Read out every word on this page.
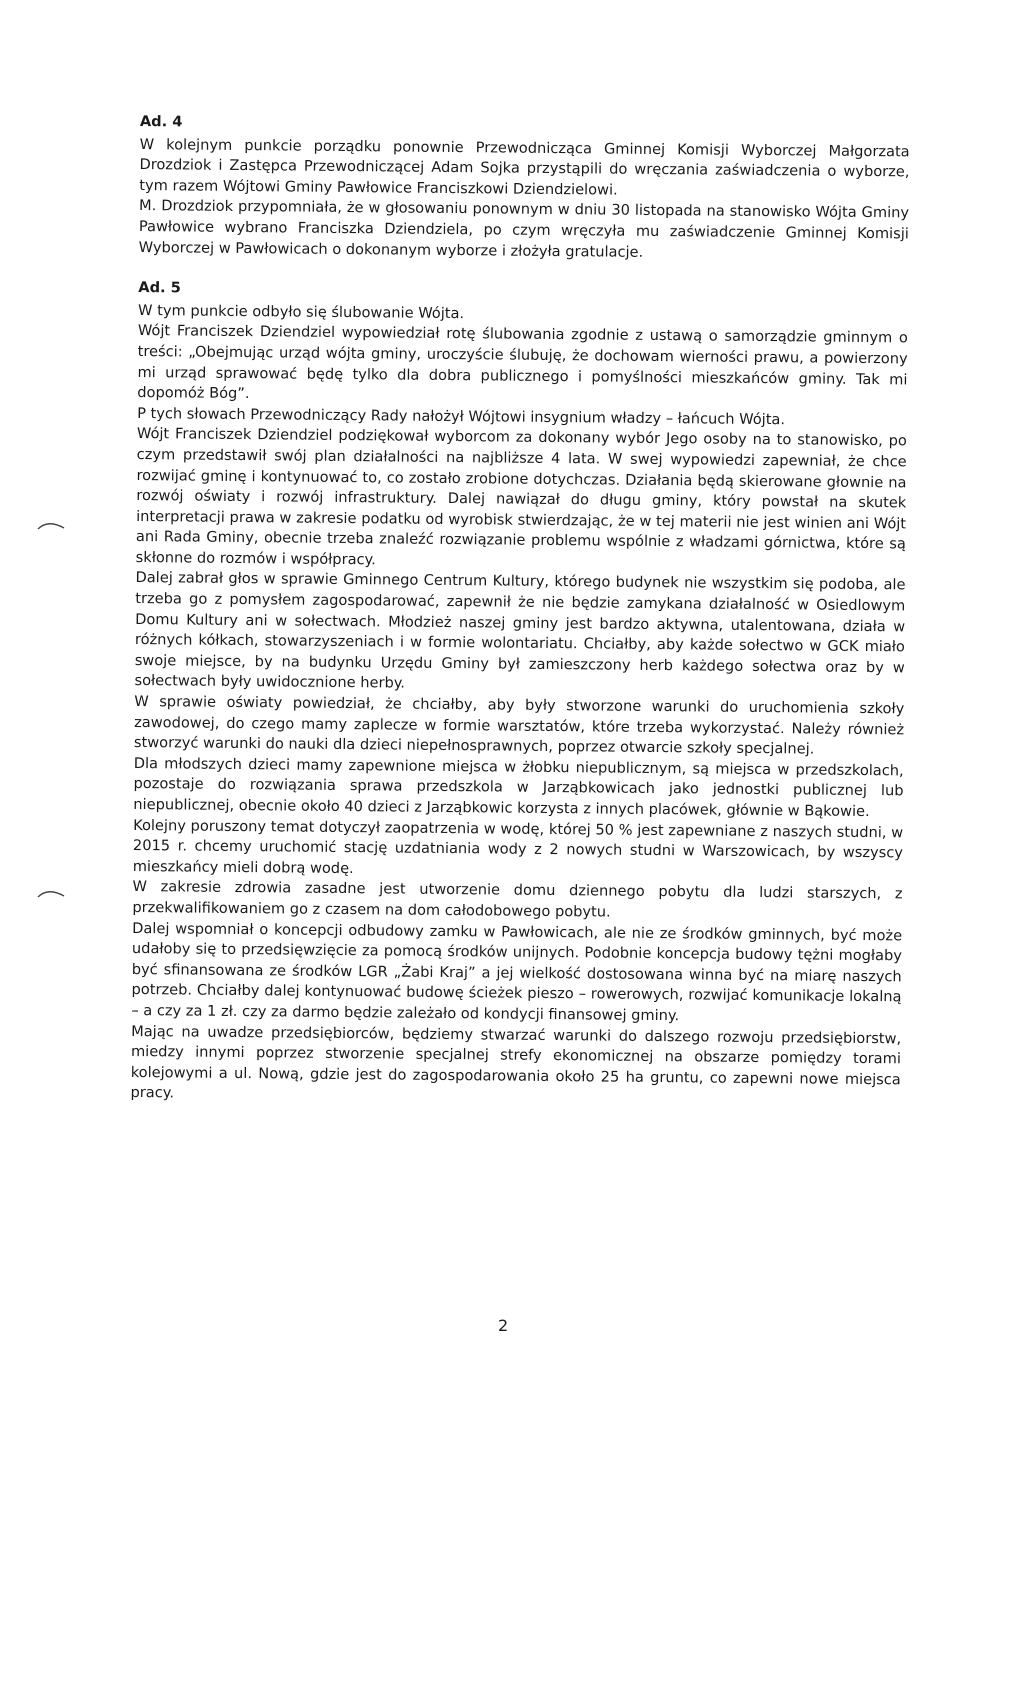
Ad. 4

W kolejnym punkcie porządku ponownie Przewodnicząca Gminnej Komisji Wyborczej Małgorzata Drozdziok i Zastępca Przewodniczącej Adam Sojka przystąpili do wręczania zaświadczenia o wyborze, tym razem Wójtowi Gminy Pawłowice Franciszkowi Dziendzielowi.

M. Drozdziok przypomniała, że w głosowaniu ponownym w dniu 30 listopada na stanowisko Wójta Gminy Pawłowice wybrano Franciszka Dziendziela, po czym wręczyła mu zaświadczenie Gminnej Komisji Wyborczej w Pawłowicach o dokonanym wyborze i złożyła gratulacje.

Ad. 5

W tym punkcie odbyło się ślubowanie Wójta.

Wójt Franciszek Dziendziel wypowiedział rotę ślubowania zgodnie z ustawą o samorządzie gminnym o treści: „Obejmując urząd wójta gminy, uroczyście ślubuję, że dochowam wierności prawu, a powierzony mi urząd sprawować będę tylko dla dobra publicznego i pomyślności mieszkańców gminy. Tak mi dopomóż Bóg”.

P tych słowach Przewodniczący Rady nałożył Wójtowi insygnium władzy – łańcuch Wójta.

Wójt Franciszek Dziendziel podziękował wyborcom za dokonany wybór Jego osoby na to stanowisko, po czym przedstawił swój plan działalności na najbliższe 4 lata. W swej wypowiedzi zapewniał, że chce rozwijać gminę i kontynuować to, co zostało zrobione dotychczas. Działania będą skierowane głownie na rozwój oświaty i rozwój infrastruktury. Dalej nawiązał do długu gminy, który powstał na skutek interpretacji prawa w zakresie podatku od wyrobisk stwierdzając, że w tej materii nie jest winien ani Wójt ani Rada Gminy, obecnie trzeba znaleźć rozwiązanie problemu wspólnie z władzami górnictwa, które są skłonne do rozmów i współpracy.

Dalej zabrał głos w sprawie Gminnego Centrum Kultury, którego budynek nie wszystkim się podoba, ale trzeba go z pomysłem zagospodarować, zapewnił że nie będzie zamykana działalność w Osiedlowym Domu Kultury ani w sołectwach. Młodzież naszej gminy jest bardzo aktywna, utalentowana, działa w różnych kółkach, stowarzyszeniach i w formie wolontariatu. Chciałby, aby każde sołectwo w GCK miało swoje miejsce, by na budynku Urzędu Gminy był zamieszczony herb każdego sołectwa oraz by w sołectwach były uwidocznione herby.

W sprawie oświaty powiedział, że chciałby, aby były stworzone warunki do uruchomienia szkoły zawodowej, do czego mamy zaplecze w formie warsztatów, które trzeba wykorzystać. Należy również stworzyć warunki do nauki dla dzieci niepełnosprawnych, poprzez otwarcie szkoły specjalnej.

Dla młodszych dzieci mamy zapewnione miejsca w żłobku niepublicznym, są miejsca w przedszkolach, pozostaje do rozwiązania sprawa przedszkola w Jarząbkowicach jako jednostki publicznej lub niepublicznej, obecnie około 40 dzieci z Jarząbkowic korzysta z innych placówek, głównie w Bąkowie.

Kolejny poruszony temat dotyczył zaopatrzenia w wodę, której 50 % jest zapewniane z naszych studni, w 2015 r. chcemy uruchomić stację uzdatniania wody z 2 nowych studni w Warszowicach, by wszyscy mieszkańcy mieli dobrą wodę.

W zakresie zdrowia zasadne jest utworzenie domu dziennego pobytu dla ludzi starszych, z przekwalifikowaniem go z czasem na dom całodobowego pobytu.

Dalej wspomniał o koncepcji odbudowy zamku w Pawłowicach, ale nie ze środków gminnych, być może udałoby się to przedsięwzięcie za pomocą środków unijnych. Podobnie koncepcja budowy tężni mogłaby być sfinansowana ze środków LGR „Żabi Kraj” a jej wielkość dostosowana winna być na miarę naszych potrzeb. Chciałby dalej kontynuować budowę ścieżek pieszo – rowerowych, rozwijać komunikacje lokalną – a czy za 1 zł. czy za darmo będzie zależało od kondycji finansowej gminy.

Mając na uwadze przedsiębiorców, będziemy stwarzać warunki do dalszego rozwoju przedsiębiorstw, miedzy innymi poprzez stworzenie specjalnej strefy ekonomicznej na obszarze pomiędzy torami kolejowymi a ul. Nową, gdzie jest do zagospodarowania około 25 ha gruntu, co zapewni nowe miejsca pracy.

2
